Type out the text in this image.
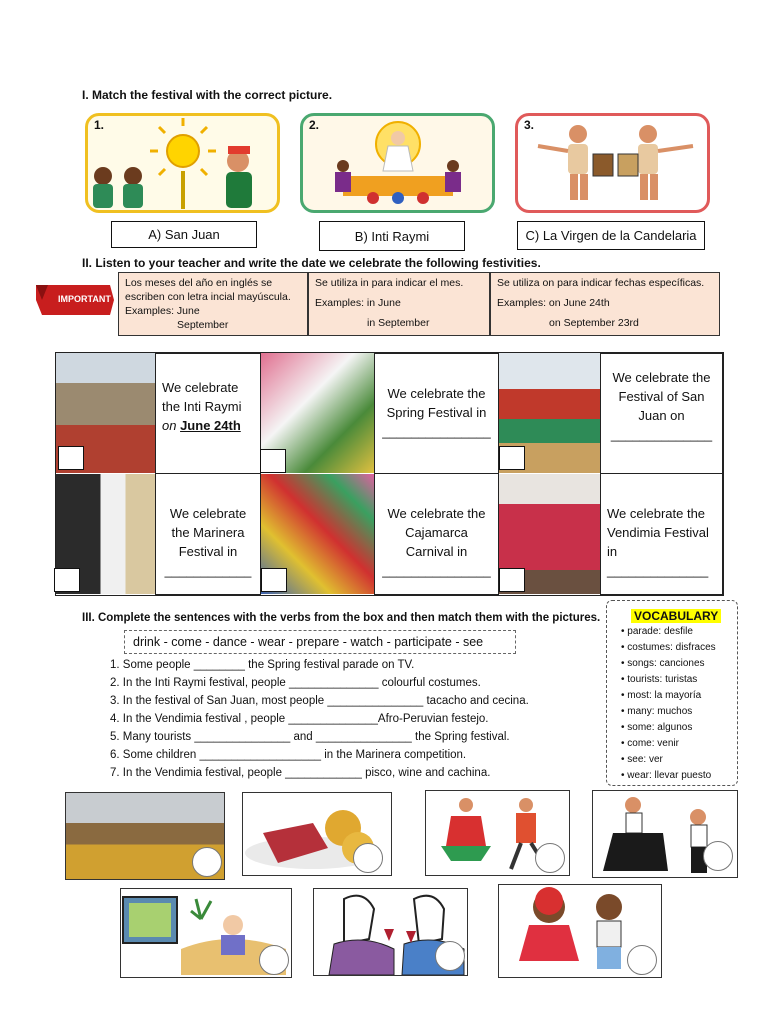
I. Match the festival with the correct picture.
1.	2.	3.
A) San Juan	B) Inti Raymi	C) La Virgen de la Candelaria
II. Listen to your teacher and write the date we celebrate the following festivities.
IMPORTANT
Los meses del año en inglés se
escriben con letra incial mayúscula.
Examples: June
September
Se utiliza in para indicar el mes.
Examples: in June
in September
Se utiliza on para indicar fechas específicas.
Examples: on June 24th
on September 23rd
We celebrate
the Inti Raymi
on June 24th
We celebrate the
Spring Festival in
_______________
We celebrate the
Festival of San
Juan on
______________
We celebrate
the Marinera
Festival in
____________
We celebrate the
Cajamarca
Carnival in
_______________
We celebrate the
Vendimia Festival
in
______________
III. Complete the sentences with the verbs from the box and then match them with the pictures.
drink - come - dance - wear - prepare - watch - participate - see
1. Some people ________ the Spring festival parade on TV.
2. In the Inti Raymi festival, people ______________ colourful costumes.
3. In the festival of San Juan, most people _______________ tacacho and cecina.
4. In the Vendimia festival , people ______________Afro-Peruvian festejo.
5. Many tourists _______________ and _______________ the Spring festival.
6. Some children ___________________ in the Marinera competition.
7. In the Vendimia festival, people ____________ pisco, wine and cachina.
VOCABULARY
• parade: desfile
• costumes: disfraces
• songs: canciones
• tourists: turistas
• most: la mayoría
• many: muchos
• some: algunos
• come: venir
• see: ver
• wear: llevar puesto
